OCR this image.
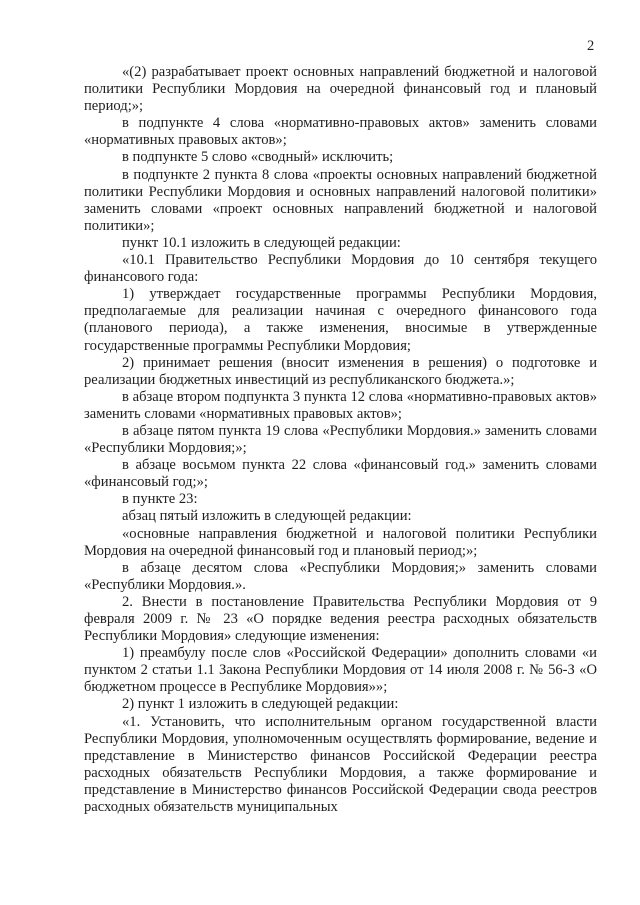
2

«(2) разрабатывает проект основных направлений бюджетной и налоговой политики Республики Мордовия на очередной финансовый год и плановый период;»;

в подпункте 4 слова «нормативно-правовых актов» заменить словами «нормативных правовых актов»;

в подпункте 5 слово «сводный» исключить;

в подпункте 2 пункта 8 слова «проекты основных направлений бюджетной политики Республики Мордовия и основных направлений налоговой политики» заменить словами «проект основных направлений бюджетной и налоговой политики»;

пункт 10.1 изложить в следующей редакции:

«10.1 Правительство Республики Мордовия до 10 сентября текущего финансового года:

1) утверждает государственные программы Республики Мордовия, предполагаемые для реализации начиная с очередного финансового года (планового периода), а также изменения, вносимые в утвержденные государственные программы Республики Мордовия;

2) принимает решения (вносит изменения в решения) о подготовке и реализации бюджетных инвестиций из республиканского бюджета.»;

в абзаце втором подпункта 3 пункта 12 слова «нормативно-правовых актов» заменить словами «нормативных правовых актов»;

в абзаце пятом пункта 19 слова «Республики Мордовия.» заменить словами «Республики Мордовия;»;

в абзаце восьмом пункта 22 слова «финансовый год.» заменить словами «финансовый год;»;

в пункте 23:

абзац пятый изложить в следующей редакции:

«основные направления бюджетной и налоговой политики Республики Мордовия на очередной финансовый год и плановый период;»;

в абзаце десятом слова «Республики Мордовия;» заменить словами «Республики Мордовия.».

2. Внести в постановление Правительства Республики Мордовия от 9 февраля 2009 г. № 23 «О порядке ведения реестра расходных обязательств Республики Мордовия» следующие изменения:

1) преамбулу после слов «Российской Федерации» дополнить словами «и пунктом 2 статьи 1.1 Закона Республики Мордовия от 14 июля 2008 г. № 56-З «О бюджетном процессе в Республике Мордовия»»;

2) пункт 1 изложить в следующей редакции:

«1. Установить, что исполнительным органом государственной власти Республики Мордовия, уполномоченным осуществлять формирование, ведение и представление в Министерство финансов Российской Федерации реестра расходных обязательств Республики Мордовия, а также формирование и представление в Министерство финансов Российской Федерации свода реестров расходных обязательств муниципальных
